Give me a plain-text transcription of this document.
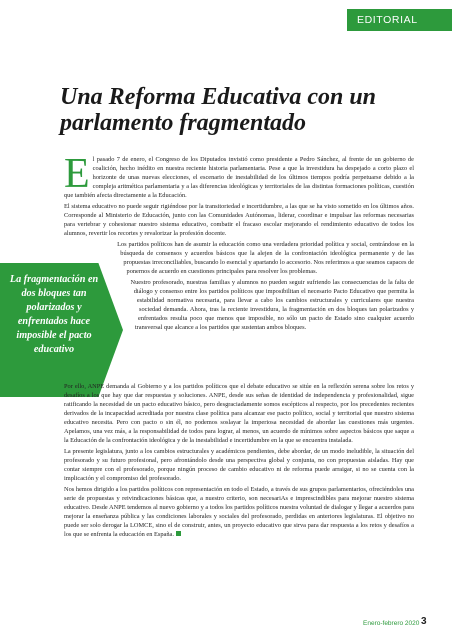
EDITORIAL
Una Reforma Educativa con un parlamento fragmentado
La fragmentación en dos bloques tan polarizados y enfrentados hace imposible el pacto educativo

El pasado 7 de enero, el Congreso de los Diputados invistió como presidente a Pedro Sánchez, al frente de un gobierno de coalición, hecho inédito en nuestra reciente historia parlamentaria. Pese a que la investidura ha despejado a corto plazo el horizonte de unas nuevas elecciones, el escenario de inestabilidad de los últimos tiempos podría perpetuarse debido a la compleja aritmética parlamentaria y a las diferencias ideológicas y territoriales de las distintas formaciones políticas, cuestión que también afecta directamente a la Educación.

El sistema educativo no puede seguir rigiéndose por la transitoriedad e incertidumbre, a las que se ha visto sometido en los últimos años. Corresponde al Ministerio de Educación, junto con las Comunidades Autónomas, liderar, coordinar e impulsar las reformas necesarias para vertebrar y cohesionar nuestro sistema educativo, combatir el fracaso escolar mejorando el rendimiento educativo de todos los alumnos, revertir los recortes y revalorizar la profesión docente.

Los partidos políticos han de asumir la educación como una verdadera prioridad política y social, centrándose en la búsqueda de consensos y acuerdos básicos que la alejen de la confrontación ideológica permanente y de las propuestas irreconciliables, buscando lo esencial y apartando lo accesorio. Nos referimos a que seamos capaces de ponernos de acuerdo en cuestiones principales para resolver los problemas.

Nuestro profesorado, nuestras familias y alumnos no pueden seguir sufriendo las consecuencias de la falta de diálogo y consenso entre los partidos políticos que imposibilitan el necesario Pacto Educativo que permita la estabilidad normativa necesaria, para llevar a cabo los cambios estructurales y curriculares que nuestra sociedad demanda. Ahora, tras la reciente investidura, la fragmentación en dos bloques tan polarizados y enfrentados resulta poco que menos que imposible, no sólo un pacto de Estado sino cualquier acuerdo transversal que alcance a los partidos que sustentan ambos bloques.

Por ello, ANPE demanda al Gobierno y a los partidos políticos que el debate educativo se sitúe en la reflexión serena sobre los retos y desafíos a los que hay que dar respuestas y soluciones. ANPE, desde sus señas de identidad de independencia y profesionalidad, sigue ratificando la necesidad de un pacto educativo básico, pero desgraciadamente somos escépticos al respecto, por los precedentes recientes derivados de la incapacidad acreditada por nuestra clase política para alcanzar ese pacto político, social y territorial que nuestro sistema educativo necesita. Pero con pacto o sin él, no podemos soslayar la imperiosa necesidad de abordar las cuestiones más urgentes. Apelamos, una vez más, a la responsabilidad de todos para lograr, al menos, un acuerdo de mínimos sobre aspectos básicos que saque a la Educación de la confrontación ideológica y de la inestabilidad e incertidumbre en la que se encuentra instalada.

La presente legislatura, junto a los cambios estructurales y académicos pendientes, debe abordar, de un modo ineludible, la situación del profesorado y su futuro profesional, pero afrontándolo desde una perspectiva global y conjunta, no con propuestas aisladas. Hay que contar siempre con el profesorado, porque ningún proceso de cambio educativo ni de reforma puede arraigar, si no se cuenta con la implicación y el compromiso del profesorado.

Nos hemos dirigido a los partidos políticos con representación en todo el Estado, a través de sus grupos parlamentarios, ofreciéndoles una serie de propuestas y reivindicaciones básicas que, a nuestro criterio, son necesariAs e imprescindibles para mejorar nuestro sistema educativo. Desde ANPE tendemos al nuevo gobierno y a todos los partidos políticos nuestra voluntad de dialogar y llegar a acuerdos para mejorar la enseñanza pública y las condiciones laborales y sociales del profesorado, perdidas en anteriores legislaturas. El objetivo no puede ser solo derogar la LOMCE, sino el de construir, antes, un proyecto educativo que sirva para dar respuesta a los retos y desafíos a los que se enfrenta la educación en España.

Enero-febrero 2020 3
